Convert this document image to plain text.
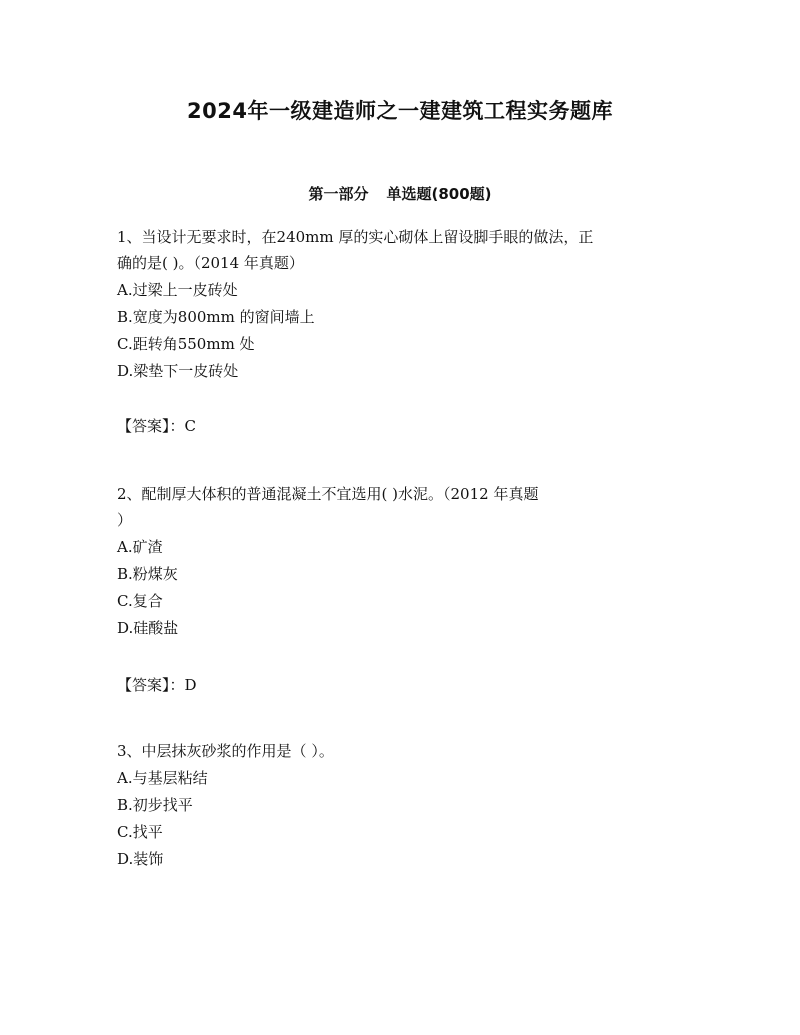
2024年一级建造师之一建建筑工程实务题库
第一部分 单选题(800题)
1、当设计无要求时，在240mm 厚的实心砌体上留设脚手眼的做法，正
确的是( )。（2014 年真题）
A.过梁上一皮砖处
B.宽度为800mm 的窗间墙上
C.距转角550mm 处
D.梁垫下一皮砖处
【答案】：C
2、配制厚大体积的普通混凝土不宜选用( )水泥。（2012 年真题
）
A.矿渣
B.粉煤灰
C.复合
D.硅酸盐
【答案】：D
3、中层抹灰砂浆的作用是（ ）。
A.与基层粘结
B.初步找平
C.找平
D.装饰
